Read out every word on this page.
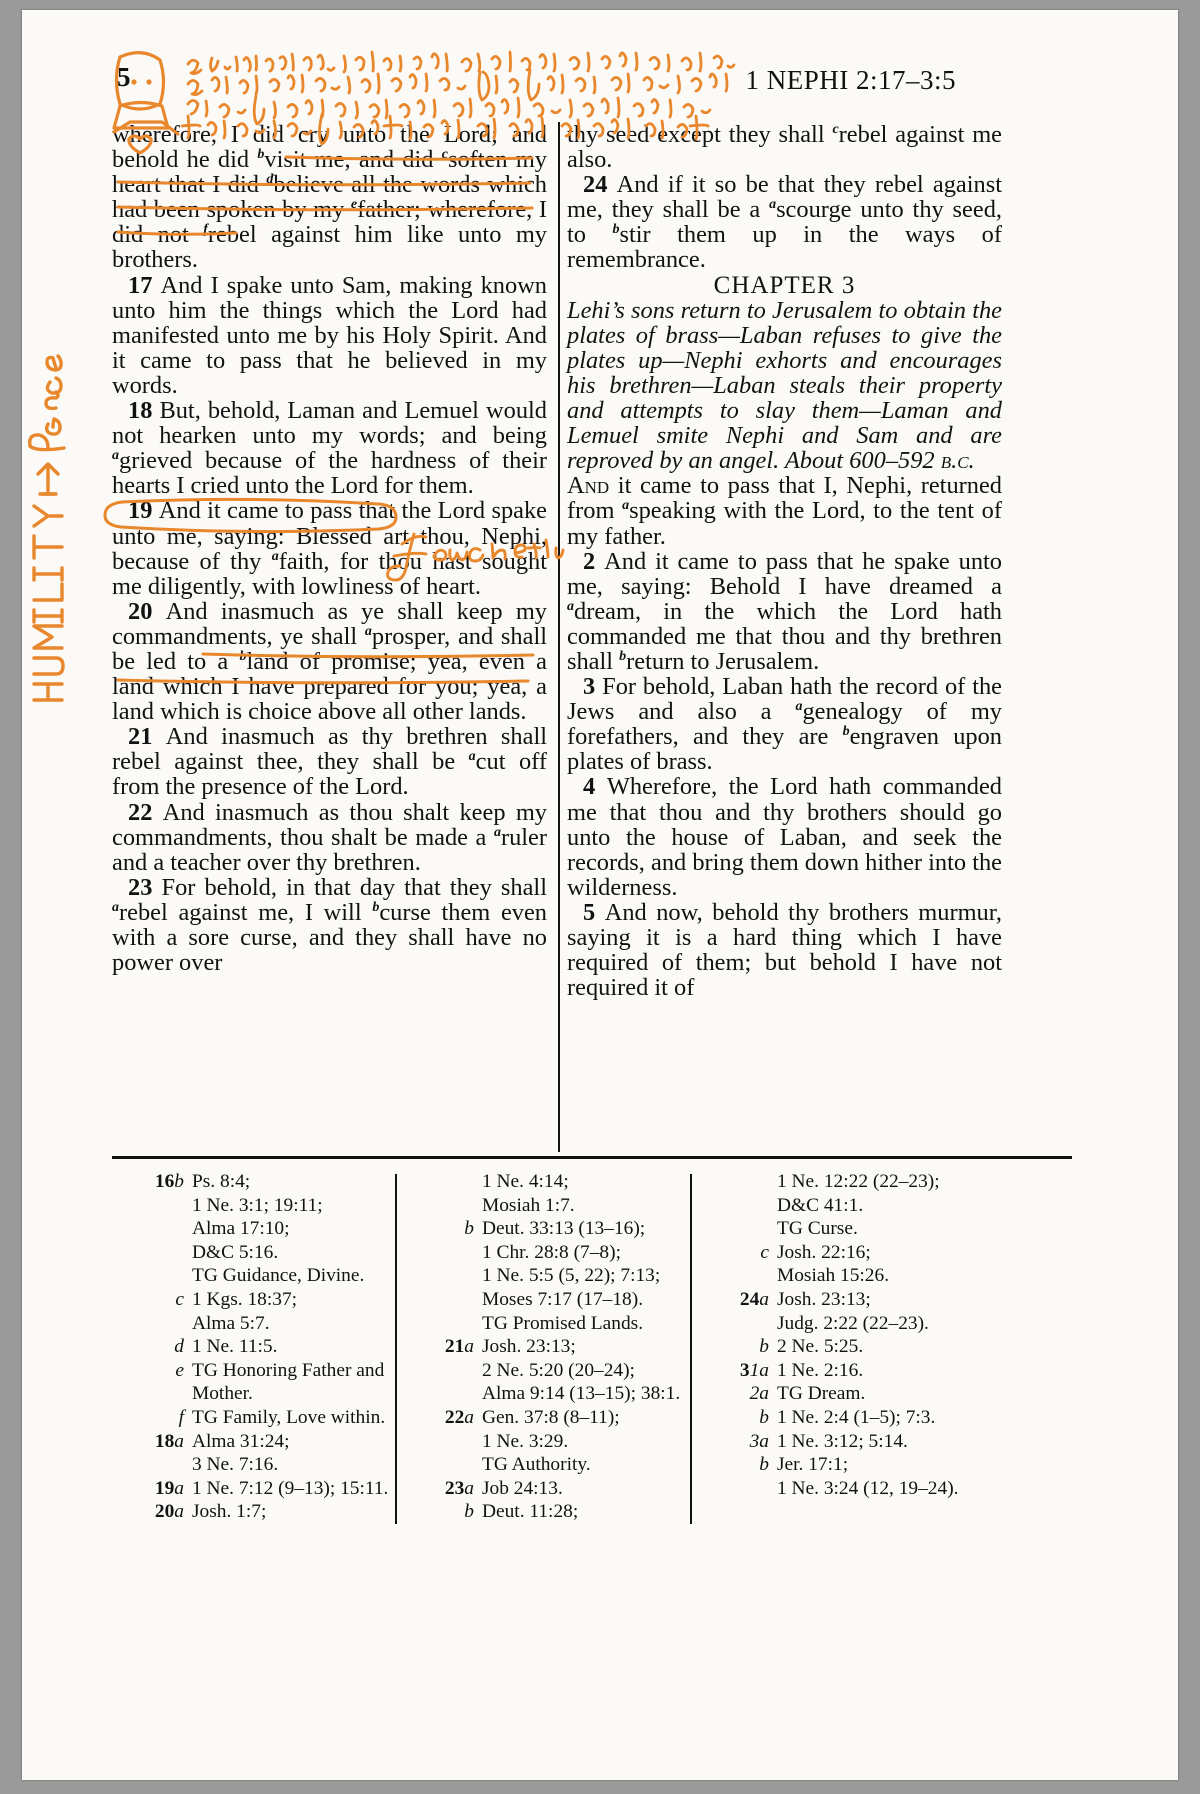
5	1 NEPHI 2:17–3:5

wherefore, I did cry unto the Lord; and behold he did $^b$visit me, and did $^c$soften my heart that I did $^d$believe all the words which had been spoken by my $^e$father; wherefore, I did not $^f$rebel against him like unto my brothers.

17 And I spake unto Sam, making known unto him the things which the Lord had manifested unto me by his Holy Spirit. And it came to pass that he believed in my words.

18 But, behold, Laman and Lemuel would not hearken unto my words; and being $^a$grieved because of the hardness of their hearts I cried unto the Lord for them.

19 And it came to pass that the Lord spake unto me, saying: Blessed art thou, Nephi, because of thy $^a$faith, for thou hast sought me diligently, with lowliness of heart.

20 And inasmuch as ye shall keep my commandments, ye shall $^a$prosper, and shall be led to a $^b$land of promise; yea, even a land which I have prepared for you; yea, a land which is choice above all other lands.

21 And inasmuch as thy brethren shall rebel against thee, they shall be $^a$cut off from the presence of the Lord.

22 And inasmuch as thou shalt keep my commandments, thou shalt be made a $^a$ruler and a teacher over thy brethren.

23 For behold, in that day that they shall $^a$rebel against me, I will $^b$curse them even with a sore curse, and they shall have no power over

thy seed except they shall $^c$rebel against me also.

24 And if it so be that they rebel against me, they shall be a $^a$scourge unto thy seed, to $^b$stir them up in the ways of remembrance.

CHAPTER 3

Lehi’s sons return to Jerusalem to obtain the plates of brass—Laban refuses to give the plates up—Nephi exhorts and encourages his brethren—Laban steals their property and attempts to slay them—Laman and Lemuel smite Nephi and Sam and are reproved by an angel. About 600–592 b.c.

And it came to pass that I, Nephi, returned from $^a$speaking with the Lord, to the tent of my father.

2 And it came to pass that he spake unto me, saying: Behold I have dreamed a $^a$dream, in the which the Lord hath commanded me that thou and thy brethren shall $^b$return to Jerusalem.

3 For behold, Laban hath the record of the Jews and also a $^a$genealogy of my forefathers, and they are $^b$engraven upon plates of brass.

4 Wherefore, the Lord hath commanded me that thou and thy brothers should go unto the house of Laban, and seek the records, and bring them down hither into the wilderness.

5 And now, behold thy brothers murmur, saying it is a hard thing which I have required of them; but behold I have not required it of

16b Ps. 8:4;
1 Ne. 3:1; 19:11;
Alma 17:10;
D&C 5:16.
TG Guidance, Divine.
c 1 Kgs. 18:37;
Alma 5:7.
d 1 Ne. 11:5.
e TG Honoring Father and
Mother.
f TG Family, Love within.
18a Alma 31:24;
3 Ne. 7:16.
19a 1 Ne. 7:12 (9–13); 15:11.
20a Josh. 1:7;
1 Ne. 4:14;
Mosiah 1:7.
b Deut. 33:13 (13–16);
1 Chr. 28:8 (7–8);
1 Ne. 5:5 (5, 22); 7:13;
Moses 7:17 (17–18).
TG Promised Lands.
21a Josh. 23:13;
2 Ne. 5:20 (20–24);
Alma 9:14 (13–15); 38:1.
22a Gen. 37:8 (8–11);
1 Ne. 3:29.
TG Authority.
23a Job 24:13.
b Deut. 11:28;
1 Ne. 12:22 (22–23);
D&C 41:1.
TG Curse.
c Josh. 22:16;
Mosiah 15:26.
24a Josh. 23:13;
Judg. 2:22 (22–23).
b 2 Ne. 5:25.
31a 1 Ne. 2:16.
2a TG Dream.
b 1 Ne. 2:4 (1–5); 7:3.
3a 1 Ne. 3:12; 5:14.
b Jer. 17:1;
1 Ne. 3:24 (12, 19–24).
